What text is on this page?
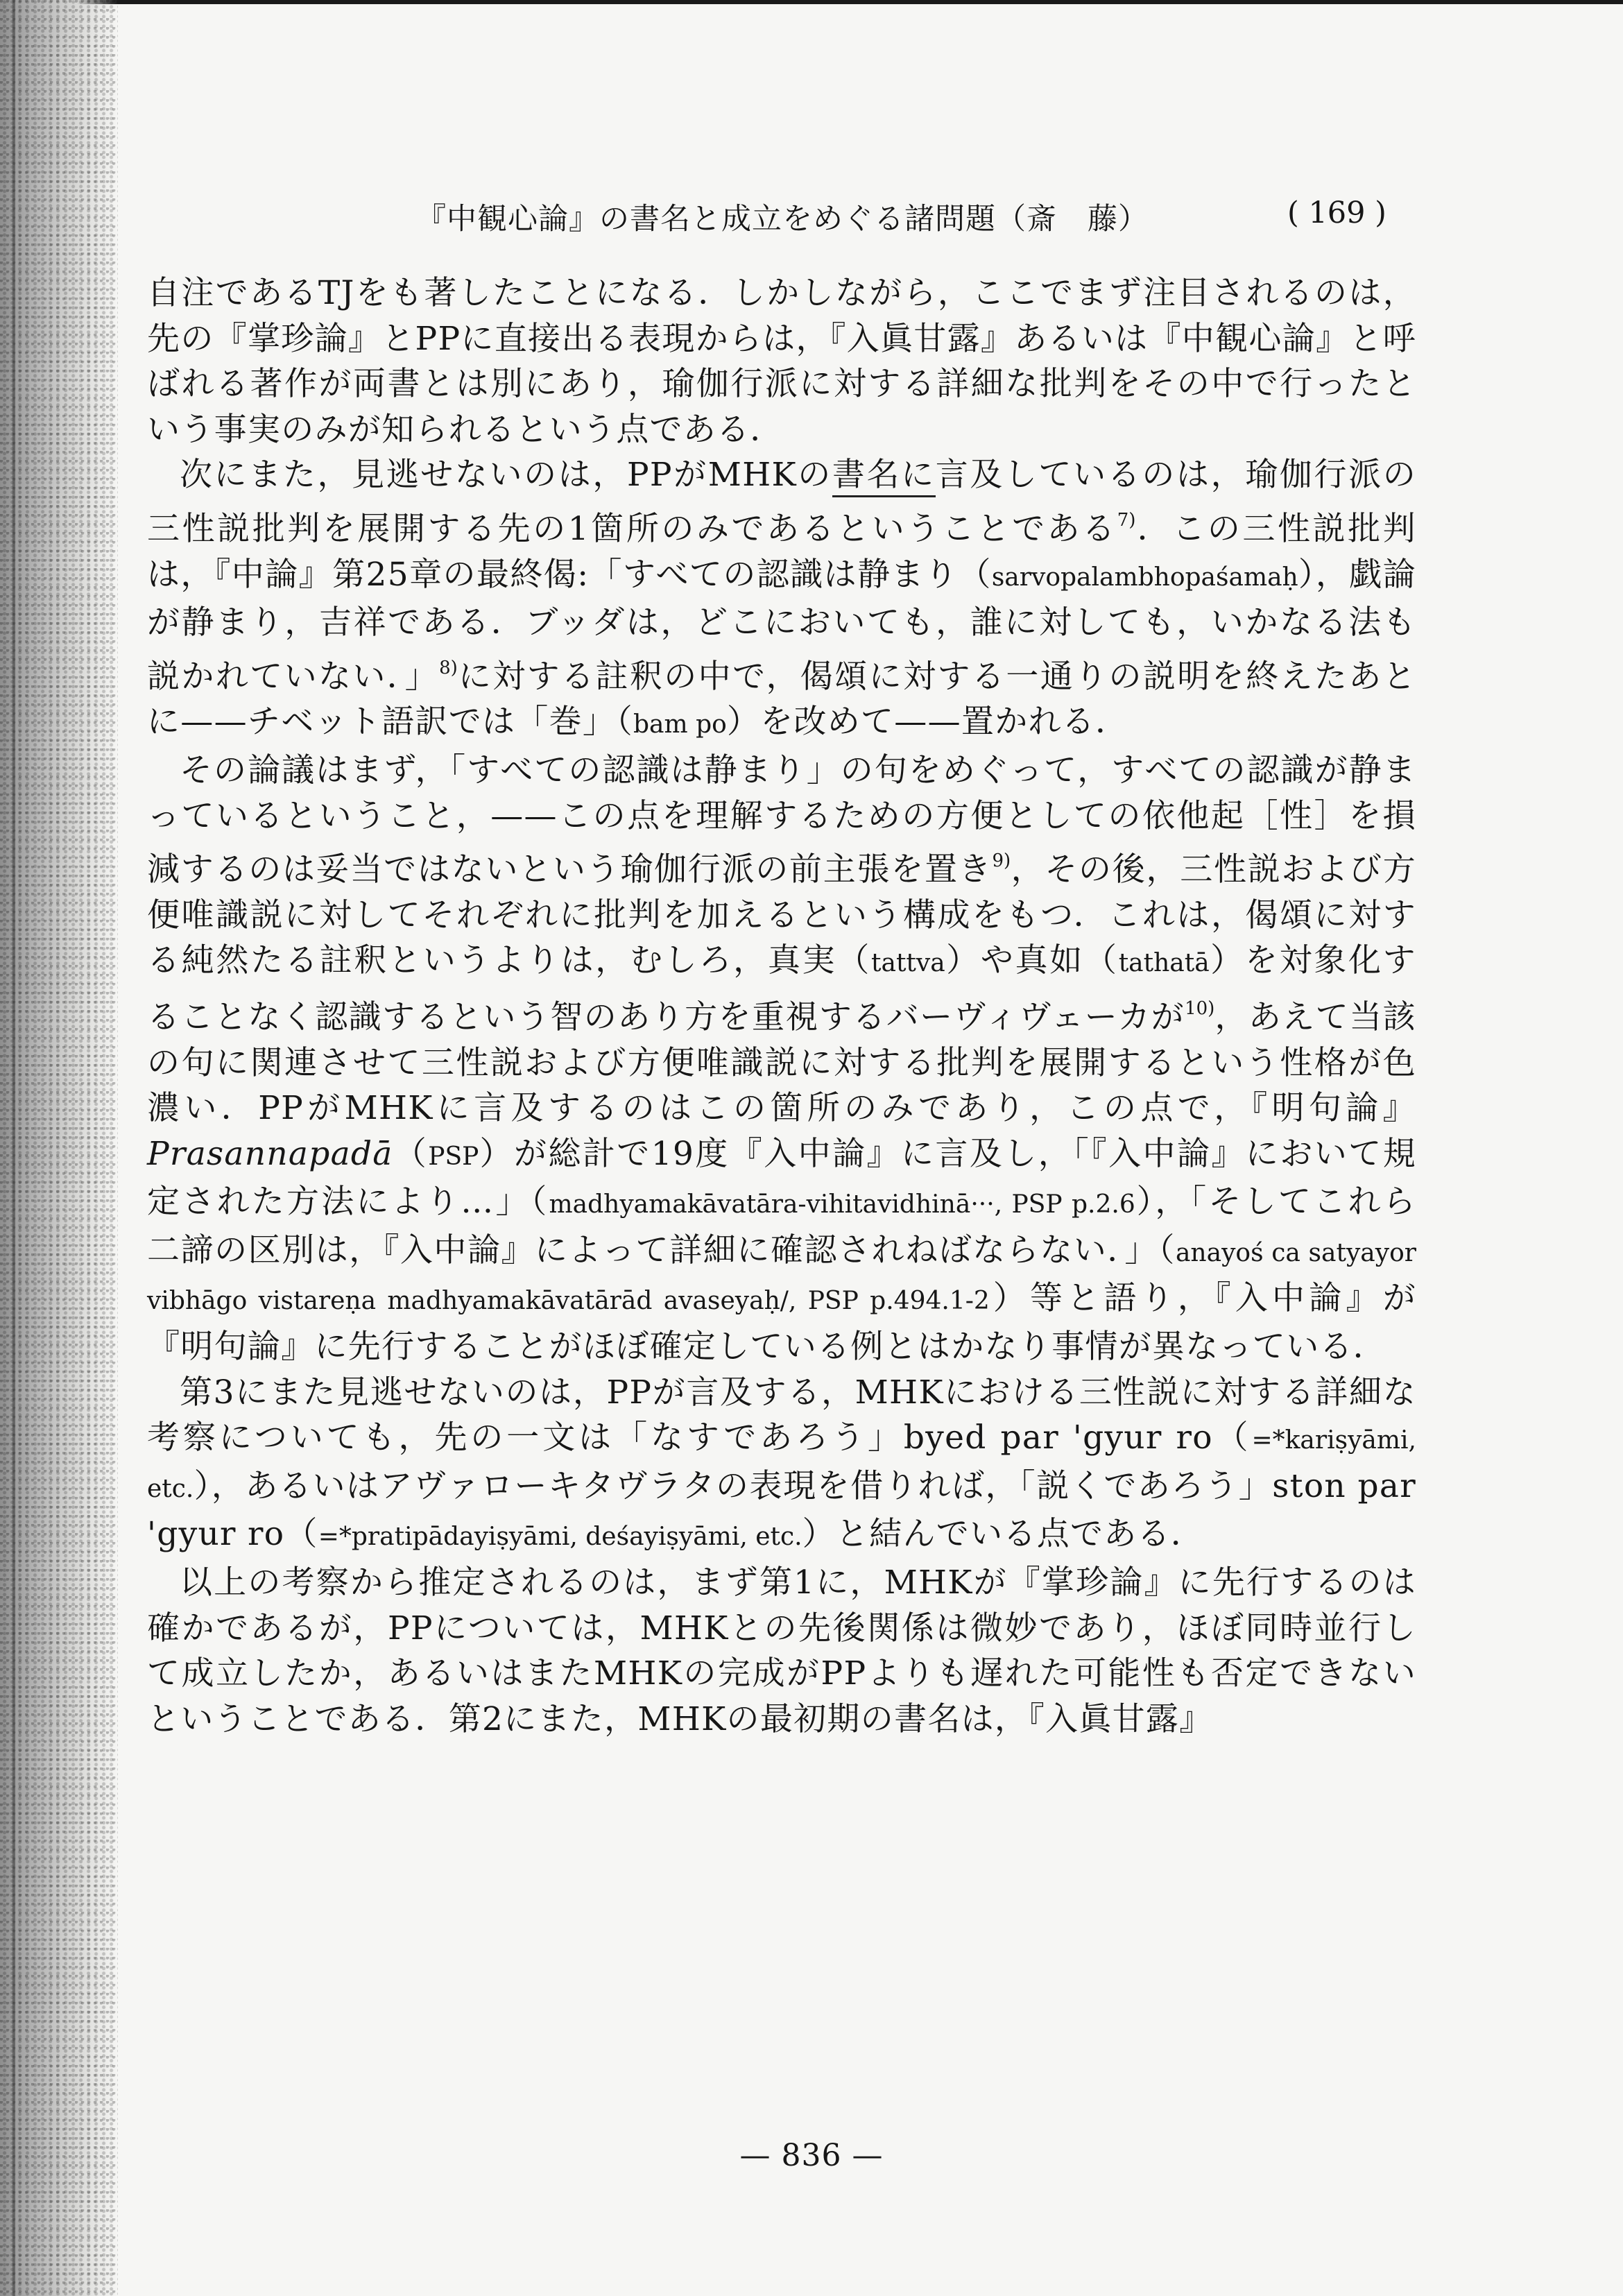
『中観心論』の書名と成立をめぐる諸問題（斎　藤）	( 169 )

自注であるTJをも著したことになる．しかしながら，ここでまず注目されるのは，先の『掌珍論』とPPに直接出る表現からは，『入眞甘露』あるいは『中観心論』と呼ばれる著作が両書とは別にあり，瑜伽行派に対する詳細な批判をその中で行ったという事実のみが知られるという点である．

次にまた，見逃せないのは，PPがMHKの書名に言及しているのは，瑜伽行派の三性説批判を展開する先の1箇所のみであるということである$^{7)}$．この三性説批判は，『中論』第25章の最終偈:「すべての認識は静まり（sarvopalambhopaśamaḥ），戯論が静まり，吉祥である．ブッダは，どこにおいても，誰に対しても，いかなる法も説かれていない．」$^{8)}$に対する註釈の中で，偈頌に対する一通りの説明を終えたあとに——チベット語訳では「巻」（bam po）を改めて——置かれる．

その論議はまず，「すべての認識は静まり」の句をめぐって，すべての認識が静まっているということ，——この点を理解するための方便としての依他起［性］を損減するのは妥当ではないという瑜伽行派の前主張を置き$^{9)}$，その後，三性説および方便唯識説に対してそれぞれに批判を加えるという構成をもつ．これは，偈頌に対する純然たる註釈というよりは，むしろ，真実（tattva）や真如（tathatā）を対象化することなく認識するという智のあり方を重視するバーヴィヴェーカが$^{10)}$，あえて当該の句に関連させて三性説および方便唯識説に対する批判を展開するという性格が色濃い．PPがMHKに言及するのはこの箇所のみであり，この点で，『明句論』Prasannapadā（PSP）が総計で19度『入中論』に言及し，「『入中論』において規定された方法により…」（madhyamakāvatāra-vihitavidhinā···, PSP p.2.6），「そしてこれら二諦の区別は，『入中論』によって詳細に確認されねばならない．」（anayoś ca satyayor vibhāgo vistareṇa madhyamakāvatārād avaseyaḥ/, PSP p.494.1-2）等と語り，『入中論』が『明句論』に先行することがほぼ確定している例とはかなり事情が異なっている．

第3にまた見逃せないのは，PPが言及する，MHKにおける三性説に対する詳細な考察についても，先の一文は「なすであろう」byed par 'gyur ro（=*kariṣyāmi, etc.），あるいはアヴァローキタヴラタの表現を借りれば，「説くであろう」ston par 'gyur ro（=*pratipādayiṣyāmi, deśayiṣyāmi, etc.）と結んでいる点である．

以上の考察から推定されるのは，まず第1に，MHKが『掌珍論』に先行するのは確かであるが，PPについては，MHKとの先後関係は微妙であり，ほぼ同時並行して成立したか，あるいはまたMHKの完成がPPよりも遅れた可能性も否定できないということである．第2にまた，MHKの最初期の書名は，『入眞甘露』

— 836 —
